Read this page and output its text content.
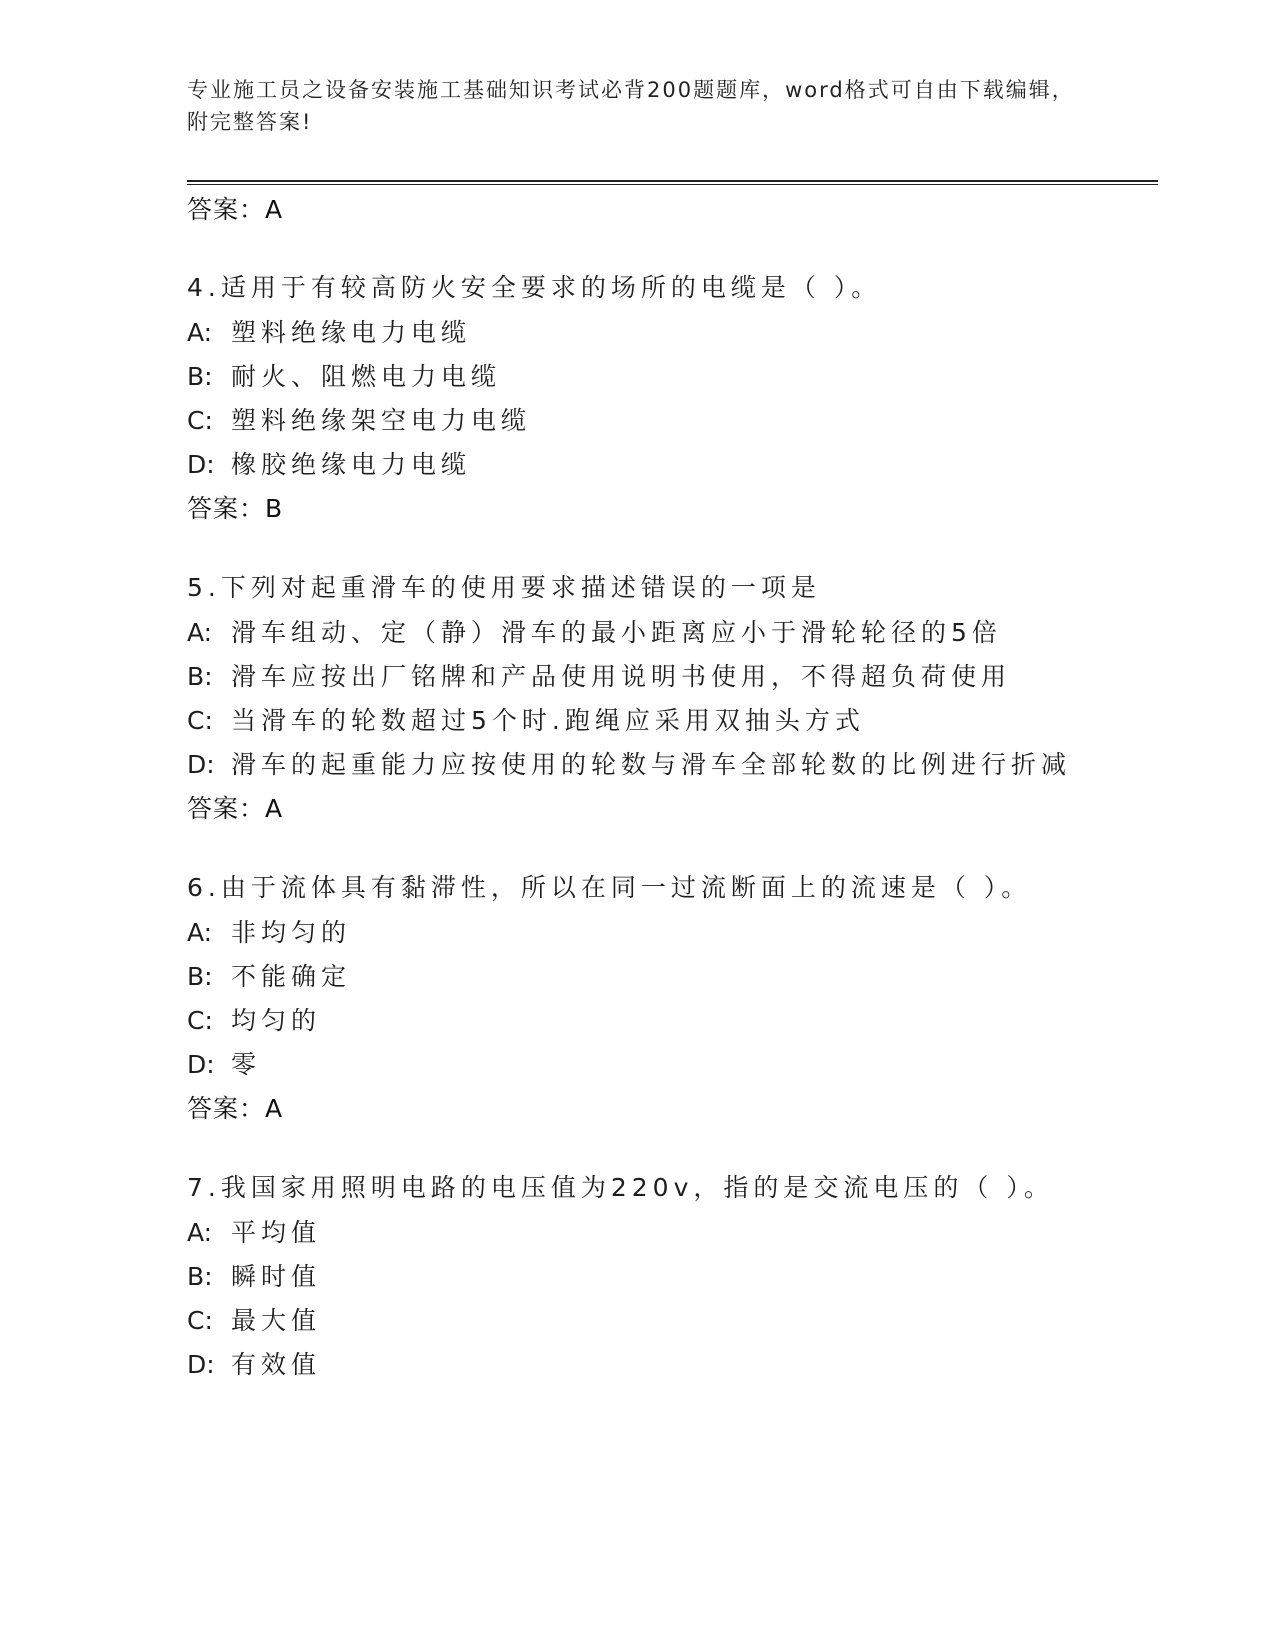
专业施工员之设备安装施工基础知识考试必背200题题库，word格式可自由下载编辑，附完整答案!
答案：A
4.适用于有较高防火安全要求的场所的电缆是（ ）。
A: 塑料绝缘电力电缆
B: 耐火、阻燃电力电缆
C: 塑料绝缘架空电力电缆
D: 橡胶绝缘电力电缆
答案：B
5.下列对起重滑车的使用要求描述错误的一项是
A: 滑车组动、定（静）滑车的最小距离应小于滑轮轮径的5倍
B: 滑车应按出厂铭牌和产品使用说明书使用，不得超负荷使用
C: 当滑车的轮数超过5个时.跑绳应采用双抽头方式
D: 滑车的起重能力应按使用的轮数与滑车全部轮数的比例进行折减
答案：A
6.由于流体具有黏滞性，所以在同一过流断面上的流速是（ ）。
A: 非均匀的
B: 不能确定
C: 均匀的
D: 零
答案：A
7.我国家用照明电路的电压值为220v，指的是交流电压的（ ）。
A: 平均值
B: 瞬时值
C: 最大值
D: 有效值
